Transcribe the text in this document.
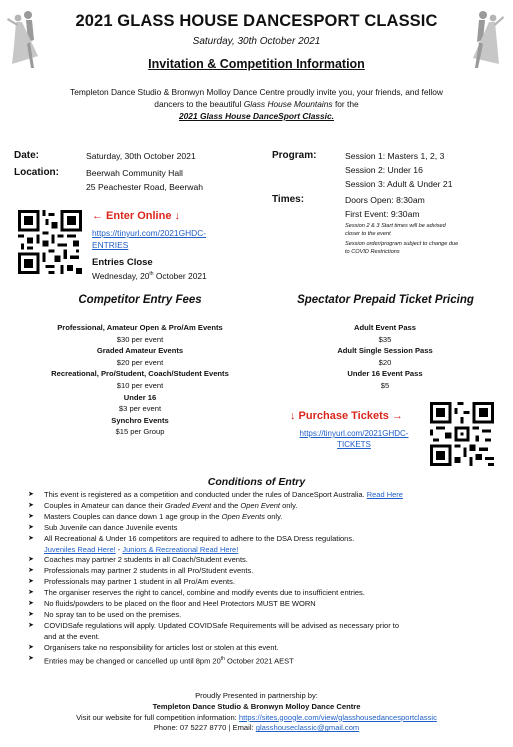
2021 GLASS HOUSE DANCESPORT CLASSIC
Saturday, 30th October 2021
Invitation & Competition Information
Templeton Dance Studio & Bronwyn Molloy Dance Centre proudly invite you, your friends, and fellow
dancers to the beautiful Glass House Mountains for the
2021 Glass House DanceSport Classic.
Date:	Saturday, 30th October 2021
Location:	Beerwah Community Hall
25 Peachester Road, Beerwah
Program:	Session 1: Masters 1, 2, 3
Session 2: Under 16
Session 3: Adult & Under 21
Times:	Doors Open: 8:30am
First Event: 9:30am
Session 2 & 3 Start times will be advised
closer to the event
Session order/program subject to change due
to COVID Restrictions
← Enter Online ↓
https://tinyurl.com/2021GHDC-
ENTRIES
Entries Close
Wednesday, 20th October 2021
Competitor Entry Fees	Spectator Prepaid Ticket Pricing
Professional, Amateur Open & Pro/Am Events
$30 per event
Graded Amateur Events
$20 per event
Recreational, Pro/Student, Coach/Student Events
$10 per event
Under 16
$3 per event
Synchro Events
$15 per Group
Adult Event Pass
$35
Adult Single Session Pass
$20
Under 16 Event Pass
$5
↓ Purchase Tickets →
https://tinyurl.com/2021GHDC-
TICKETS
Conditions of Entry
➤ This event is registered as a competition and conducted under the rules of DanceSport Australia. Read Here
➤ Couples in Amateur can dance their Graded Event and the Open Event only.
➤ Masters Couples can dance down 1 age group in the Open Events only.
➤ Sub Juvenile can dance Juvenile events
➤ All Recreational & Under 16 competitors are required to adhere to the DSA Dress regulations.
Juveniles Read Here! - Juniors & Recreational Read Here!
➤ Coaches may partner 2 students in all Coach/Student events.
➤ Professionals may partner 2 students in all Pro/Student events.
➤ Professionals may partner 1 student in all Pro/Am events.
➤ The organiser reserves the right to cancel, combine and modify events due to insufficient entries.
➤ No fluids/powders to be placed on the floor and Heel Protectors MUST BE WORN
➤ No spray tan to be used on the premises.
➤ COVIDSafe regulations will apply. Updated COVIDSafe Requirements will be advised as necessary prior to
and at the event.
➤ Organisers take no responsibility for articles lost or stolen at this event.
➤ Entries may be changed or cancelled up until 8pm 20th October 2021 AEST
Proudly Presented in partnership by:
Templeton Dance Studio & Bronwyn Molloy Dance Centre
Visit our website for full competition information: https://sites.google.com/view/glasshousedancesportclassic
Phone: 07 5227 8770 | Email: glasshouseclassic@gmail.com
